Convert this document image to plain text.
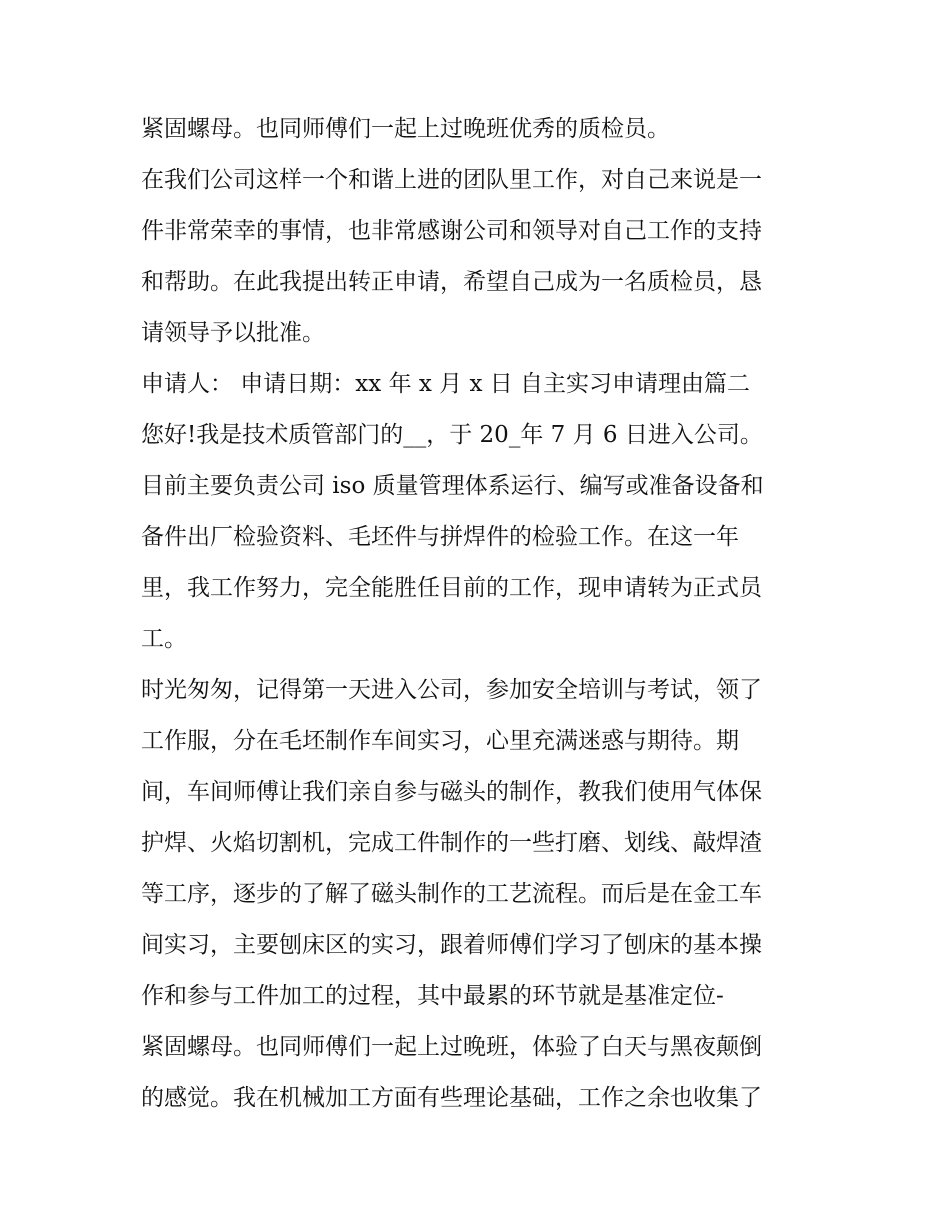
紧固螺母。也同师傅们一起上过晚班优秀的质检员。
在我们公司这样一个和谐上进的团队里工作，对自己来说是一
件非常荣幸的事情，也非常感谢公司和领导对自己工作的支持
和帮助。在此我提出转正申请，希望自己成为一名质检员，恳
请领导予以批准。
申请人： 申请日期：xx 年 x 月 x 日 自主实习申请理由篇二
您好!我是技术质管部门的__，于 20_年 7 月 6 日进入公司。
目前主要负责公司 iso 质量管理体系运行、编写或准备设备和
备件出厂检验资料、毛坯件与拼焊件的检验工作。在这一年
里，我工作努力，完全能胜任目前的工作，现申请转为正式员
工。
时光匆匆，记得第一天进入公司，参加安全培训与考试，领了
工作服，分在毛坯制作车间实习，心里充满迷惑与期待。期
间，车间师傅让我们亲自参与磁头的制作，教我们使用气体保
护焊、火焰切割机，完成工件制作的一些打磨、划线、敲焊渣
等工序，逐步的了解了磁头制作的工艺流程。而后是在金工车
间实习，主要刨床区的实习，跟着师傅们学习了刨床的基本操
作和参与工件加工的过程，其中最累的环节就是基准定位-
紧固螺母。也同师傅们一起上过晚班，体验了白天与黑夜颠倒
的感觉。我在机械加工方面有些理论基础，工作之余也收集了
